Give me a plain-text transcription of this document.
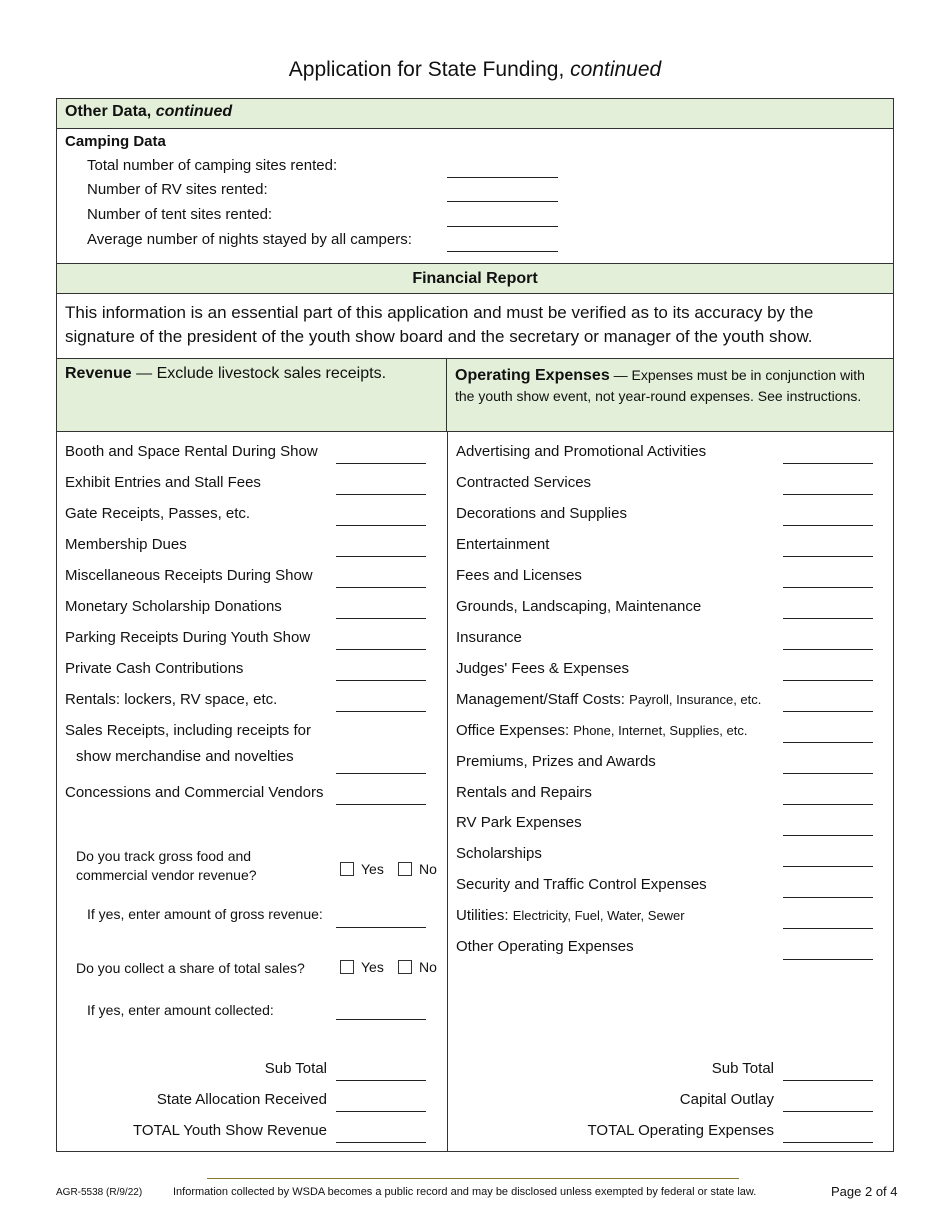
Application for State Funding, continued
Other Data, continued
Camping Data
Total number of camping sites rented:
Number of RV sites rented:
Number of tent sites rented:
Average number of nights stayed by all campers:
Financial Report
This information is an essential part of this application and must be verified as to its accuracy by the signature of the president of the youth show board and the secretary or manager of the youth show.
Revenue — Exclude livestock sales receipts.	Operating Expenses — Expenses must be in conjunction with the youth show event, not year-round expenses. See instructions.
Booth and Space Rental During Show
Exhibit Entries and Stall Fees
Gate Receipts, Passes, etc.
Membership Dues
Miscellaneous Receipts During Show
Monetary Scholarship Donations
Parking Receipts During Youth Show
Private Cash Contributions
Rentals: lockers, RV space, etc.
Sales Receipts, including receipts for
show merchandise and novelties
Concessions and Commercial Vendors
Do you track gross food and
commercial vendor revenue?	Yes	No
If yes, enter amount of gross revenue:
Do you collect a share of total sales?	Yes	No
If yes, enter amount collected:
Sub Total
State Allocation Received
TOTAL Youth Show Revenue
Advertising and Promotional Activities
Contracted Services
Decorations and Supplies
Entertainment
Fees and Licenses
Grounds, Landscaping, Maintenance
Insurance
Judges' Fees & Expenses
Management/Staff Costs: Payroll, Insurance, etc.
Office Expenses: Phone, Internet, Supplies, etc.
Premiums, Prizes and Awards
Rentals and Repairs
RV Park Expenses
Scholarships
Security and Traffic Control Expenses
Utilities: Electricity, Fuel, Water, Sewer
Other Operating Expenses
Sub Total
Capital Outlay
TOTAL Operating Expenses
AGR-5538 (R/9/22)	Information collected by WSDA becomes a public record and may be disclosed unless exempted by federal or state law.	Page 2 of 4
